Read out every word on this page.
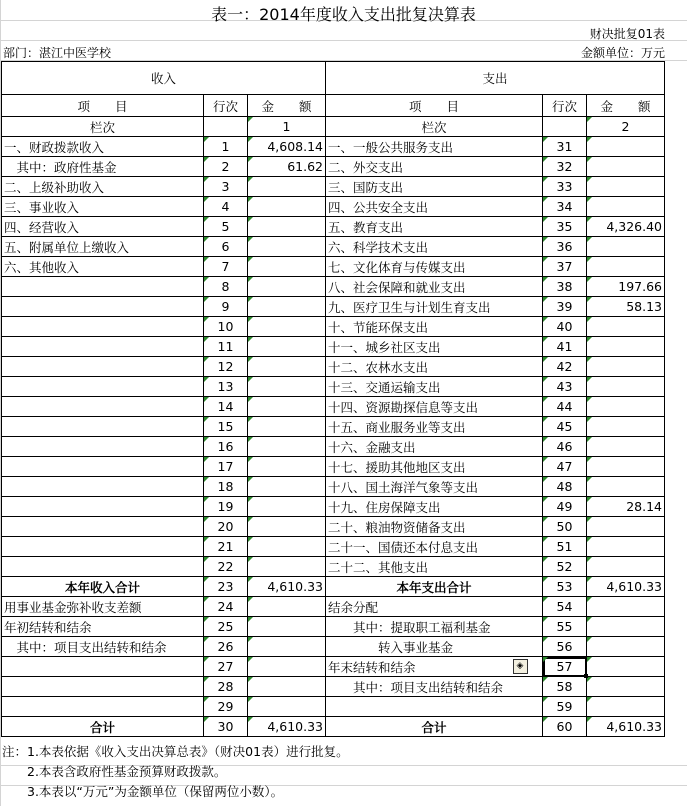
表一：2014年度收入支出批复决算表
财决批复01表
部门：湛江中医学校	金额单位：万元
收入			支出		
项　　目	行次	金　　额	项　　目	行次	金　　额
栏次		1	栏次		2
一、财政拨款收入	1	4,608.14	一、一般公共服务支出	31	
　其中：政府性基金	2	61.62	二、外交支出	32	
二、上级补助收入	3		三、国防支出	33	
三、事业收入	4		四、公共安全支出	34	
四、经营收入	5		五、教育支出	35	4,326.40
五、附属单位上缴收入	6		六、科学技术支出	36	
六、其他收入	7		七、文化体育与传媒支出	37	
	8		八、社会保障和就业支出	38	197.66
	9		九、医疗卫生与计划生育支出	39	58.13
	10		十、节能环保支出	40	
	11		十一、城乡社区支出	41	
	12		十二、农林水支出	42	
	13		十三、交通运输支出	43	
	14		十四、资源勘探信息等支出	44	
	15		十五、商业服务业等支出	45	
	16		十六、金融支出	46	
	17		十七、援助其他地区支出	47	
	18		十八、国土海洋气象等支出	48	
	19		十九、住房保障支出	49	28.14
	20		二十、粮油物资储备支出	50	
	21		二十一、国债还本付息支出	51	
	22		二十二、其他支出	52	
本年收入合计	23	4,610.33	本年支出合计	53	4,610.33
用事业基金弥补收支差额	24		结余分配	54	
年初结转和结余	25		　　其中：提取职工福利基金	55	
　其中：项目支出结转和结余	26		　　　　转入事业基金	56	
	27		年末结转和结余	57	
	28		　　其中：项目支出结转和结余	58	
	29			59	
合计	30	4,610.33	合计	60	4,610.33
注：1.本表依据《收入支出决算总表》（财决01表）进行批复。
　　2.本表含政府性基金预算财政拨款。
　　3.本表以“万元”为金额单位（保留两位小数）。
◈
